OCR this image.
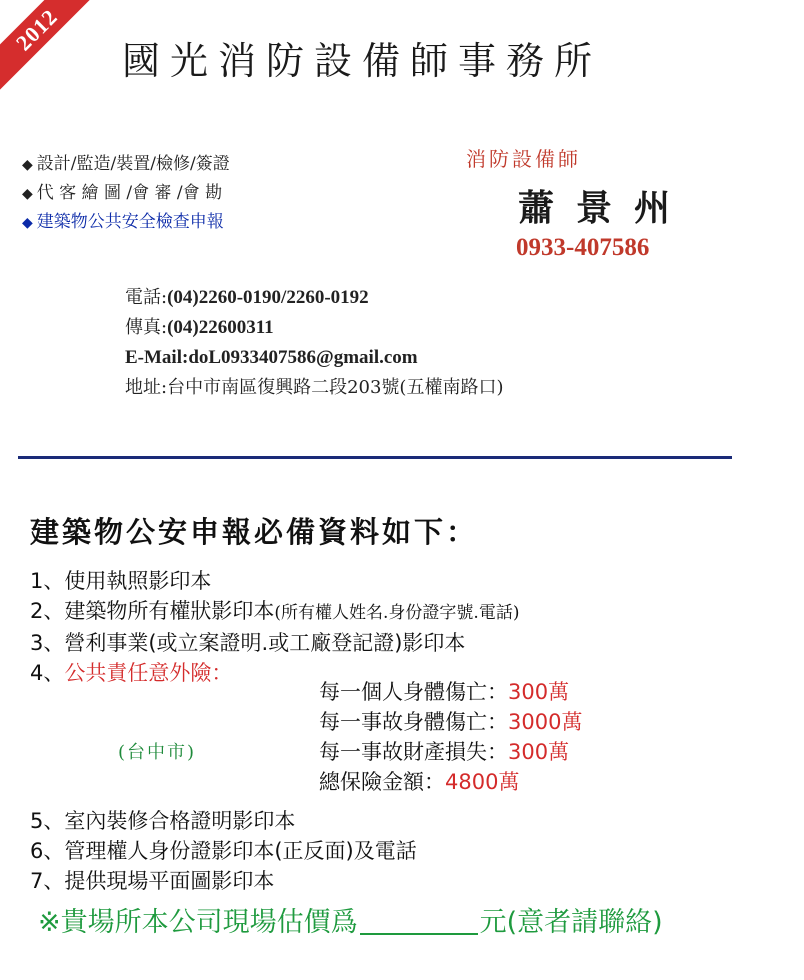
2012
國光消防設備師事務所
◆ 設計/監造/裝置/檢修/簽證
◆ 代 客 繪 圖 /會 審 /會 勘
◆ 建築物公共安全檢查申報
消防設備師
蕭景州
0933-407586
電話:(04)2260-0190/2260-0192
傳真:(04)22600311
E-Mail:doL0933407586@gmail.com
地址:台中市南區復興路二段203號(五權南路口)
建築物公安申報必備資料如下：
1、使用執照影印本
2、建築物所有權狀影印本(所有權人姓名.身份證字號.電話)
3、營利事業(或立案證明.或工廠登記證)影印本
4、公共責任意外險：
每一個人身體傷亡：300萬
每一事故身體傷亡：3000萬
每一事故財產損失：300萬
總保險金額：4800萬
(台中市)
5、室內裝修合格證明影印本
6、管理權人身份證影印本(正反面)及電話
7、提供現場平面圖影印本
※貴場所本公司現場估價爲	元(意者請聯絡)
